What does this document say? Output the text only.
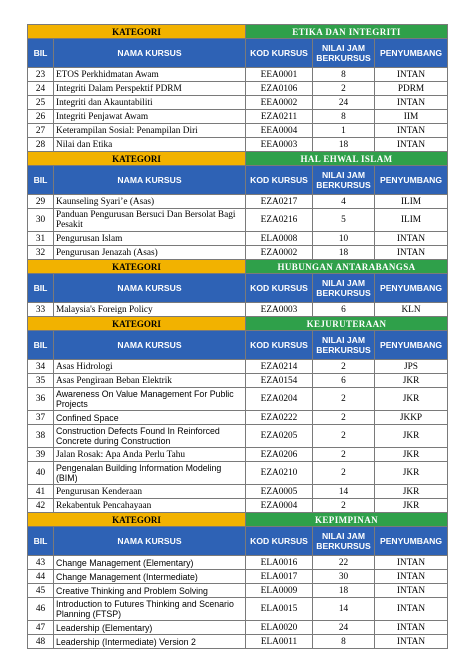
KATEGORI		ETIKA DAN INTEGRITI		
BIL	NAMA KURSUS	KOD KURSUS	NILAI JAM BERKURSUS	PENYUMBANG
23	ETOS Perkhidmatan Awam	EEA0001	8	INTAN
24	Integriti Dalam Perspektif PDRM	EZA0106	2	PDRM
25	Integriti dan Akauntabiliti	EEA0002	24	INTAN
26	Integriti Penjawat Awam	EZA0211	8	IIM
27	Keterampilan Sosial: Penampilan Diri	EEA0004	1	INTAN
28	Nilai dan Etika	EEA0003	18	INTAN
KATEGORI		HAL EHWAL ISLAM		
BIL	NAMA KURSUS	KOD KURSUS	NILAI JAM BERKURSUS	PENYUMBANG
29	Kaunseling Syari’e (Asas)	EZA0217	4	ILIM
30	Panduan Pengurusan Bersuci Dan Bersolat Bagi Pesakit	EZA0216	5	ILIM
31	Pengurusan Islam	ELA0008	10	INTAN
32	Pengurusan Jenazah (Asas)	EZA0002	18	INTAN
KATEGORI		HUBUNGAN ANTARABANGSA		
BIL	NAMA KURSUS	KOD KURSUS	NILAI JAM BERKURSUS	PENYUMBANG
33	Malaysia's Foreign Policy	EZA0003	6	KLN
KATEGORI		KEJURUTERAAN		
BIL	NAMA KURSUS	KOD KURSUS	NILAI JAM BERKURSUS	PENYUMBANG
34	Asas Hidrologi	EZA0214	2	JPS
35	Asas Pengiraan Beban Elektrik	EZA0154	6	JKR
36	Awareness On Value Management For Public Projects	EZA0204	2	JKR
37	Confined Space	EZA0222	2	JKKP
38	Construction Defects Found In Reinforced Concrete during Construction	EZA0205	2	JKR
39	Jalan Rosak: Apa Anda Perlu Tahu	EZA0206	2	JKR
40	Pengenalan Building Information Modeling (BIM)	EZA0210	2	JKR
41	Pengurusan Kenderaan	EZA0005	14	JKR
42	Rekabentuk Pencahayaan	EZA0004	2	JKR
KATEGORI		KEPIMPINAN		
BIL	NAMA KURSUS	KOD KURSUS	NILAI JAM BERKURSUS	PENYUMBANG
43	Change Management (Elementary)	ELA0016	22	INTAN
44	Change Management (Intermediate)	ELA0017	30	INTAN
45	Creative Thinking and Problem Solving	ELA0009	18	INTAN
46	Introduction to Futures Thinking and Scenario Planning (FTSP)	ELA0015	14	INTAN
47	Leadership (Elementary)	ELA0020	24	INTAN
48	Leadership (Intermediate) Version 2	ELA0011	8	INTAN
